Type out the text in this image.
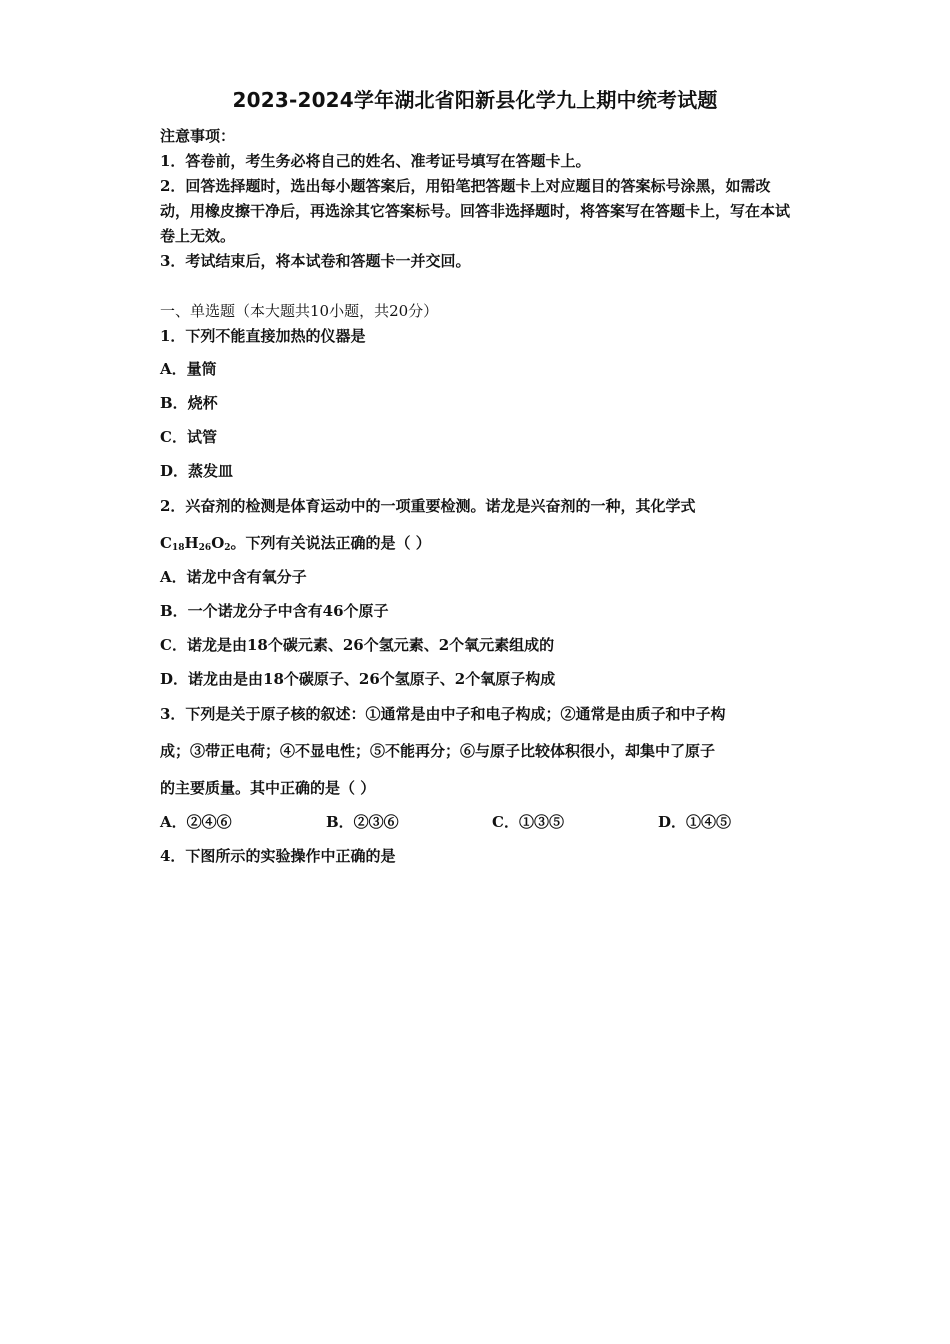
2023-2024学年湖北省阳新县化学九上期中统考试题

注意事项：

1．答卷前，考生务必将自己的姓名、准考证号填写在答题卡上。

2．回答选择题时，选出每小题答案后，用铅笔把答题卡上对应题目的答案标号涂黑，如需改动，用橡皮擦干净后，再选涂其它答案标号。回答非选择题时，将答案写在答题卡上，写在本试卷上无效。

3．考试结束后，将本试卷和答题卡一并交回。

一、单选题（本大题共10小题，共20分）
1．下列不能直接加热的仪器是
A．量筒
B．烧杯
C．试管
D．蒸发皿
2．兴奋剂的检测是体育运动中的一项重要检测。诺龙是兴奋剂的一种，其化学式
$C_{18}H_{26}O_2$。下列有关说法正确的是（ ）
A．诺龙中含有氧分子
B．一个诺龙分子中含有46个原子
C．诺龙是由18个碳元素、26个氢元素、2个氧元素组成的
D．诺龙由是由18个碳原子、26个氢原子、2个氧原子构成
3．下列是关于原子核的叙述：①通常是由中子和电子构成；②通常是由质子和中子构
成；③带正电荷；④不显电性；⑤不能再分；⑥与原子比较体积很小，却集中了原子
的主要质量。其中正确的是（ ）
A．②④⑥	B．②③⑥	C．①③⑤	D．①④⑤
4．下图所示的实验操作中正确的是
